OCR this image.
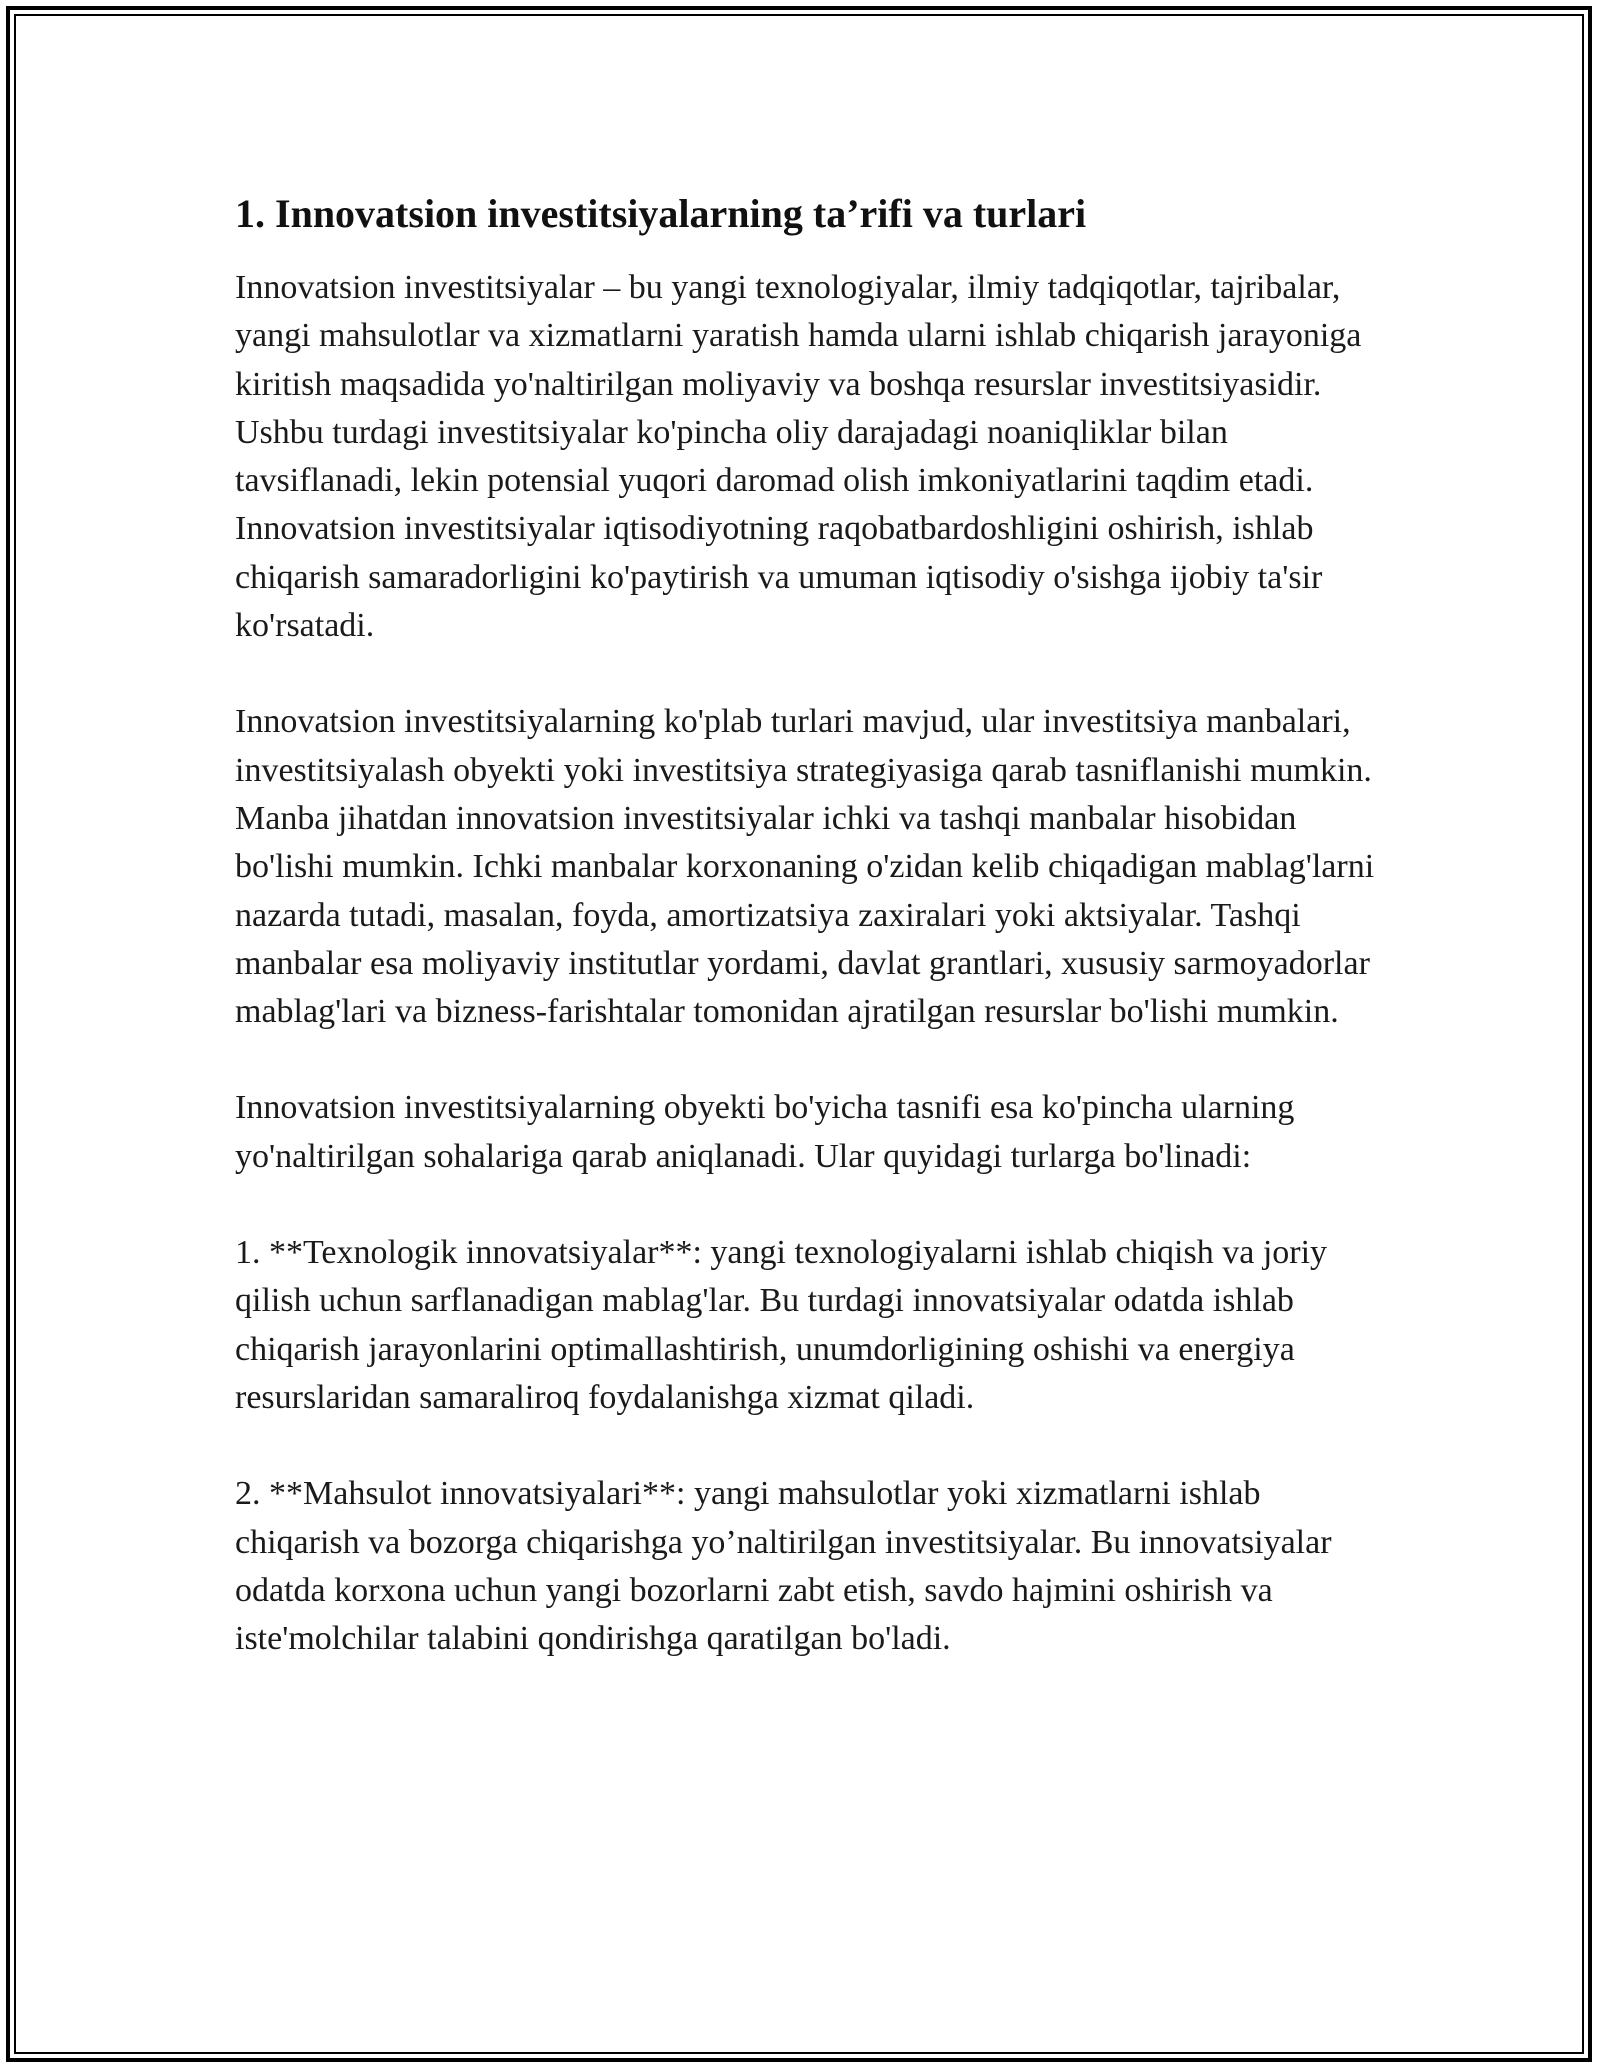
1. Innovatsion investitsiyalarning ta’rifi va turlari

Innovatsion investitsiyalar – bu yangi texnologiyalar, ilmiy tadqiqotlar, tajribalar, yangi mahsulotlar va xizmatlarni yaratish hamda ularni ishlab chiqarish jarayoniga kiritish maqsadida yo'naltirilgan moliyaviy va boshqa resurslar investitsiyasidir. Ushbu turdagi investitsiyalar ko'pincha oliy darajadagi noaniqliklar bilan tavsiflanadi, lekin potensial yuqori daromad olish imkoniyatlarini taqdim etadi. Innovatsion investitsiyalar iqtisodiyotning raqobatbardoshligini oshirish, ishlab chiqarish samaradorligini ko'paytirish va umuman iqtisodiy o'sishga ijobiy ta'sir ko'rsatadi.

Innovatsion investitsiyalarning ko'plab turlari mavjud, ular investitsiya manbalari, investitsiyalash obyekti yoki investitsiya strategiyasiga qarab tasniflanishi mumkin. Manba jihatdan innovatsion investitsiyalar ichki va tashqi manbalar hisobidan bo'lishi mumkin. Ichki manbalar korxonaning o'zidan kelib chiqadigan mablag'larni nazarda tutadi, masalan, foyda, amortizatsiya zaxiralari yoki aktsiyalar. Tashqi manbalar esa moliyaviy institutlar yordami, davlat grantlari, xususiy sarmoyadorlar mablag'lari va bizness-farishtalar tomonidan ajratilgan resurslar bo'lishi mumkin.

Innovatsion investitsiyalarning obyekti bo'yicha tasnifi esa ko'pincha ularning yo'naltirilgan sohalariga qarab aniqlanadi. Ular quyidagi turlarga bo'linadi:

1. **Texnologik innovatsiyalar**: yangi texnologiyalarni ishlab chiqish va joriy qilish uchun sarflanadigan mablag'lar. Bu turdagi innovatsiyalar odatda ishlab chiqarish jarayonlarini optimallashtirish, unumdorligining oshishi va energiya resurslaridan samaraliroq foydalanishga xizmat qiladi.

2. **Mahsulot innovatsiyalari**: yangi mahsulotlar yoki xizmatlarni ishlab chiqarish va bozorga chiqarishga yo’naltirilgan investitsiyalar. Bu innovatsiyalar odatda korxona uchun yangi bozorlarni zabt etish, savdo hajmini oshirish va iste'molchilar talabini qondirishga qaratilgan bo'ladi.
